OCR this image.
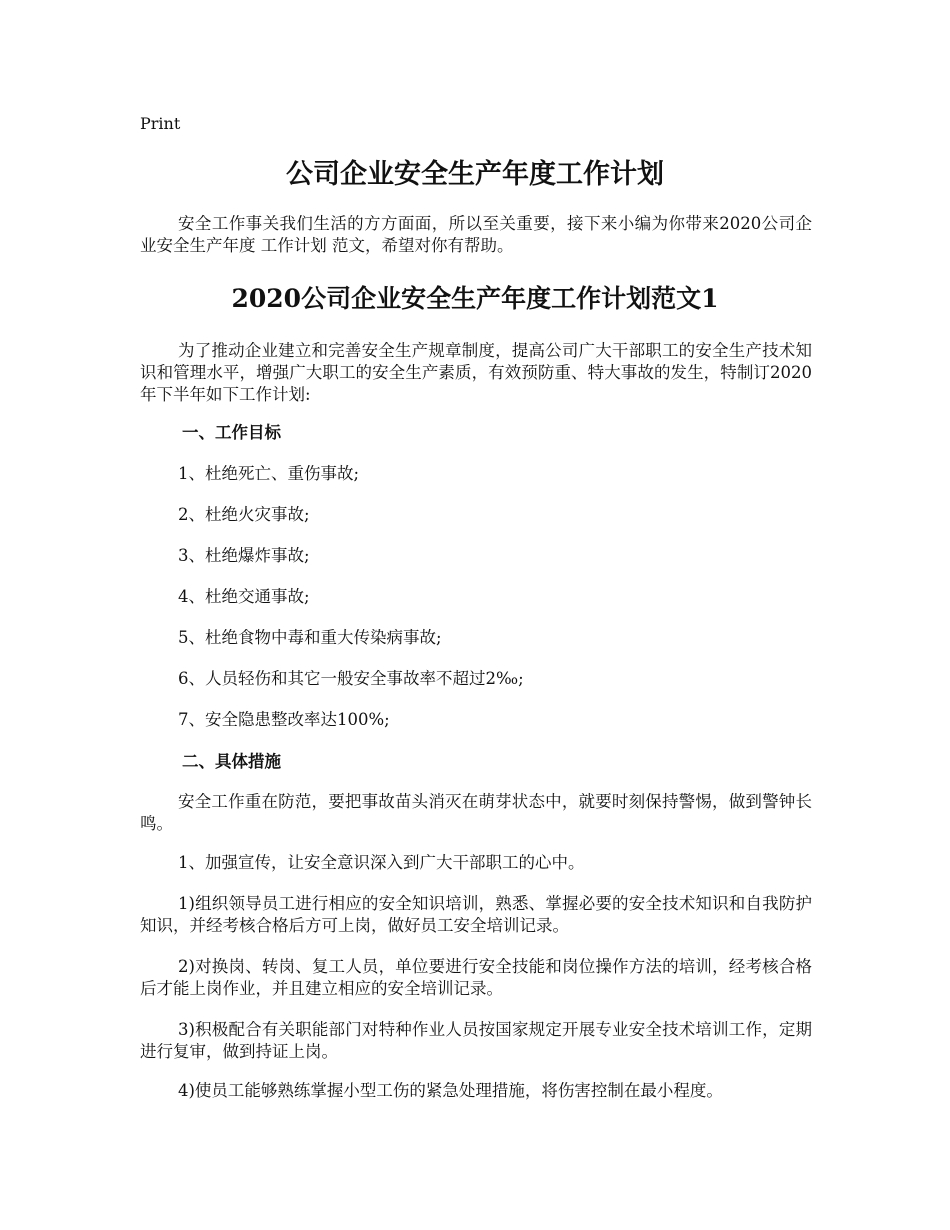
Print
公司企业安全生产年度工作计划
安全工作事关我们生活的方方面面，所以至关重要，接下来小编为你带来2020公司企业安全生产年度 工作计划 范文，希望对你有帮助。
2020公司企业安全生产年度工作计划范文1
为了推动企业建立和完善安全生产规章制度，提高公司广大干部职工的安全生产技术知识和管理水平，增强广大职工的安全生产素质，有效预防重、特大事故的发生，特制订2020年下半年如下工作计划:
一、工作目标
1、杜绝死亡、重伤事故;
2、杜绝火灾事故;
3、杜绝爆炸事故;
4、杜绝交通事故;
5、杜绝食物中毒和重大传染病事故;
6、人员轻伤和其它一般安全事故率不超过2‰;
7、安全隐患整改率达100%;
二、具体措施
安全工作重在防范，要把事故苗头消灭在萌芽状态中，就要时刻保持警惕，做到警钟长鸣。
1、加强宣传，让安全意识深入到广大干部职工的心中。
1)组织领导员工进行相应的安全知识培训，熟悉、掌握必要的安全技术知识和自我防护知识，并经考核合格后方可上岗，做好员工安全培训记录。
2)对换岗、转岗、复工人员，单位要进行安全技能和岗位操作方法的培训，经考核合格后才能上岗作业，并且建立相应的安全培训记录。
3)积极配合有关职能部门对特种作业人员按国家规定开展专业安全技术培训工作，定期进行复审，做到持证上岗。
4)使员工能够熟练掌握小型工伤的紧急处理措施，将伤害控制在最小程度。
